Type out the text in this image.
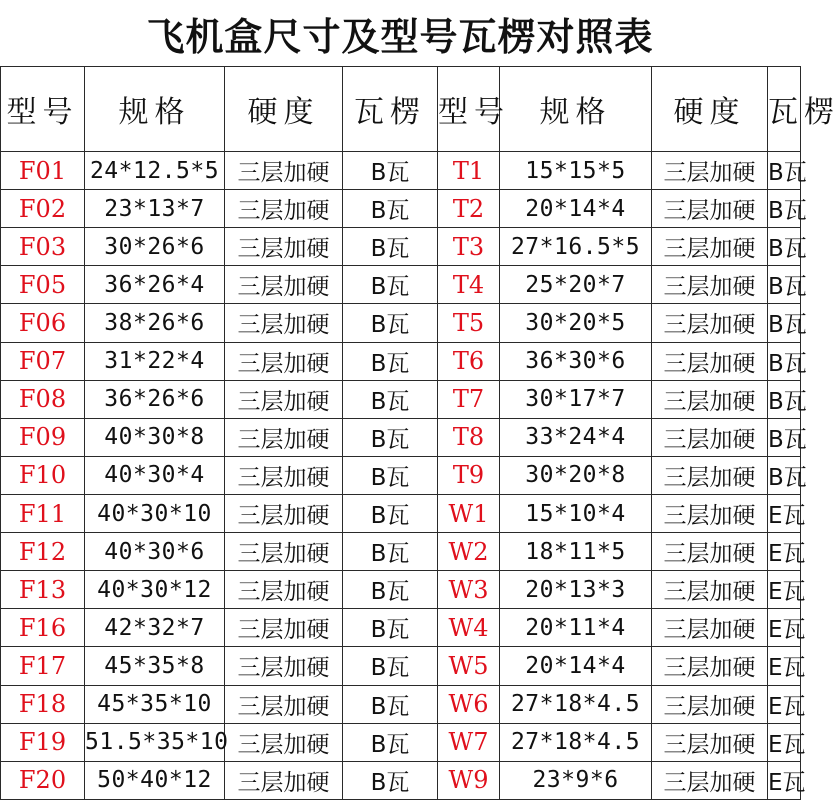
飞机盒尺寸及型号瓦楞对照表
型号	规格	硬度	瓦楞	型号	规格	硬度	瓦楞
F01	24*12.5*5	三层加硬	B瓦	T1	15*15*5	三层加硬	B瓦
F02	23*13*7	三层加硬	B瓦	T2	20*14*4	三层加硬	B瓦
F03	30*26*6	三层加硬	B瓦	T3	27*16.5*5	三层加硬	B瓦
F05	36*26*4	三层加硬	B瓦	T4	25*20*7	三层加硬	B瓦
F06	38*26*6	三层加硬	B瓦	T5	30*20*5	三层加硬	B瓦
F07	31*22*4	三层加硬	B瓦	T6	36*30*6	三层加硬	B瓦
F08	36*26*6	三层加硬	B瓦	T7	30*17*7	三层加硬	B瓦
F09	40*30*8	三层加硬	B瓦	T8	33*24*4	三层加硬	B瓦
F10	40*30*4	三层加硬	B瓦	T9	30*20*8	三层加硬	B瓦
F11	40*30*10	三层加硬	B瓦	W1	15*10*4	三层加硬	E瓦
F12	40*30*6	三层加硬	B瓦	W2	18*11*5	三层加硬	E瓦
F13	40*30*12	三层加硬	B瓦	W3	20*13*3	三层加硬	E瓦
F16	42*32*7	三层加硬	B瓦	W4	20*11*4	三层加硬	E瓦
F17	45*35*8	三层加硬	B瓦	W5	20*14*4	三层加硬	E瓦
F18	45*35*10	三层加硬	B瓦	W6	27*18*4.5	三层加硬	E瓦
F19	51.5*35*10	三层加硬	B瓦	W7	27*18*4.5	三层加硬	E瓦
F20	50*40*12	三层加硬	B瓦	W9	23*9*6	三层加硬	E瓦
